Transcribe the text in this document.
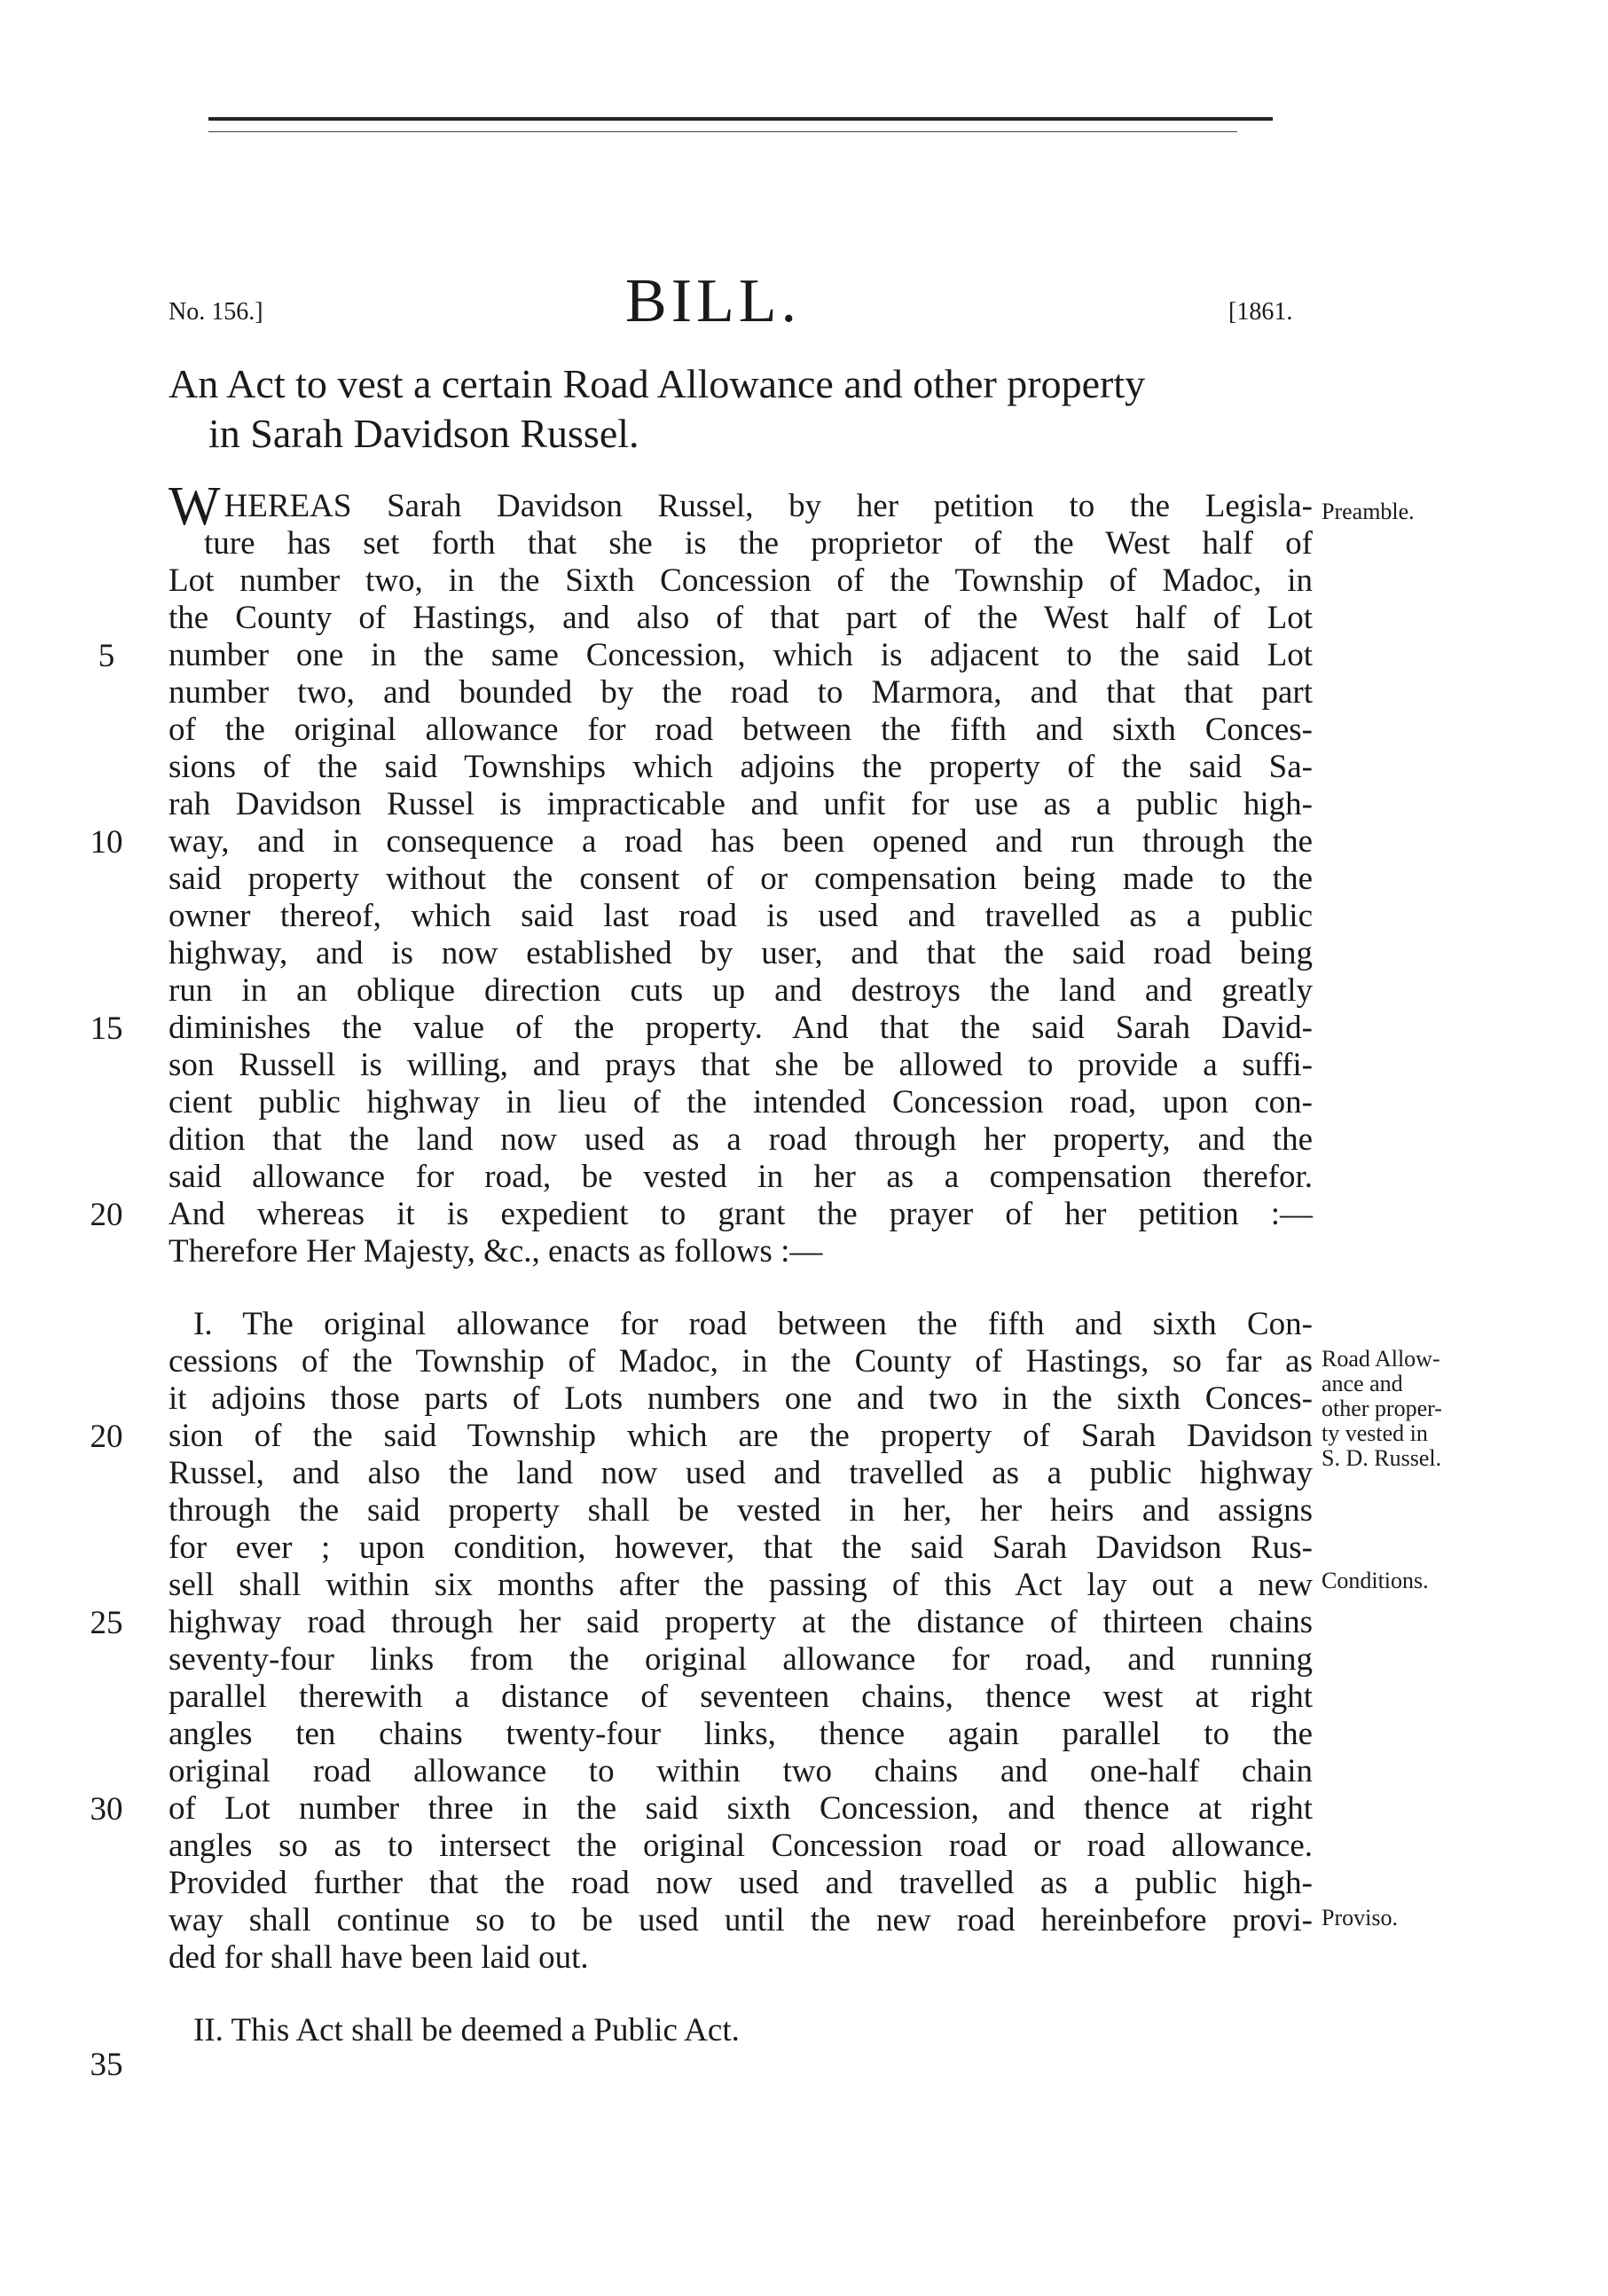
No. 156.]	BILL.	[1861.
An Act to vest a certain Road Allowance and other property
in Sarah Davidson Russel.
Preamble.
Road Allow-
ance and
other proper-
ty vested in
S. D. Russel.
Conditions.
Proviso.
5
10
15
20
20
25
30
35
WHEREAS Sarah Davidson Russel, by her petition to the Legisla-
ture has set forth that she is the proprietor of the West half of
Lot number two, in the Sixth Concession of the Township of Madoc, in
the County of Hastings, and also of that part of the West half of Lot
number one in the same Concession, which is adjacent to the said Lot
number two, and bounded by the road to Marmora, and that that part
of the original allowance for road between the fifth and sixth Conces-
sions of the said Townships which adjoins the property of the said Sa-
rah Davidson Russel is impracticable and unfit for use as a public high-
way, and in consequence a road has been opened and run through the
said property without the consent of or compensation being made to the
owner thereof, which said last road is used and travelled as a public
highway, and is now established by user, and that the said road being
run in an oblique direction cuts up and destroys the land and greatly
diminishes the value of the property. And that the said Sarah David-
son Russell is willing, and prays that she be allowed to provide a suffi-
cient public highway in lieu of the intended Concession road, upon con-
dition that the land now used as a road through her property, and the
said allowance for road, be vested in her as a compensation therefor.
And whereas it is expedient to grant the prayer of her petition :—
Therefore Her Majesty, &c., enacts as follows :—
I. The original allowance for road between the fifth and sixth Con-
cessions of the Township of Madoc, in the County of Hastings, so far as
it adjoins those parts of Lots numbers one and two in the sixth Conces-
sion of the said Township which are the property of Sarah Davidson
Russel, and also the land now used and travelled as a public highway
through the said property shall be vested in her, her heirs and assigns
for ever ; upon condition, however, that the said Sarah Davidson Rus-
sell shall within six months after the passing of this Act lay out a new
highway road through her said property at the distance of thirteen chains
seventy-four links from the original allowance for road, and running
parallel therewith a distance of seventeen chains, thence west at right
angles ten chains twenty-four links, thence again parallel to the
original road allowance to within two chains and one-half chain
of Lot number three in the said sixth Concession, and thence at right
angles so as to intersect the original Concession road or road allowance.
Provided further that the road now used and travelled as a public high-
way shall continue so to be used until the new road hereinbefore provi-
ded for shall have been laid out.
II. This Act shall be deemed a Public Act.
